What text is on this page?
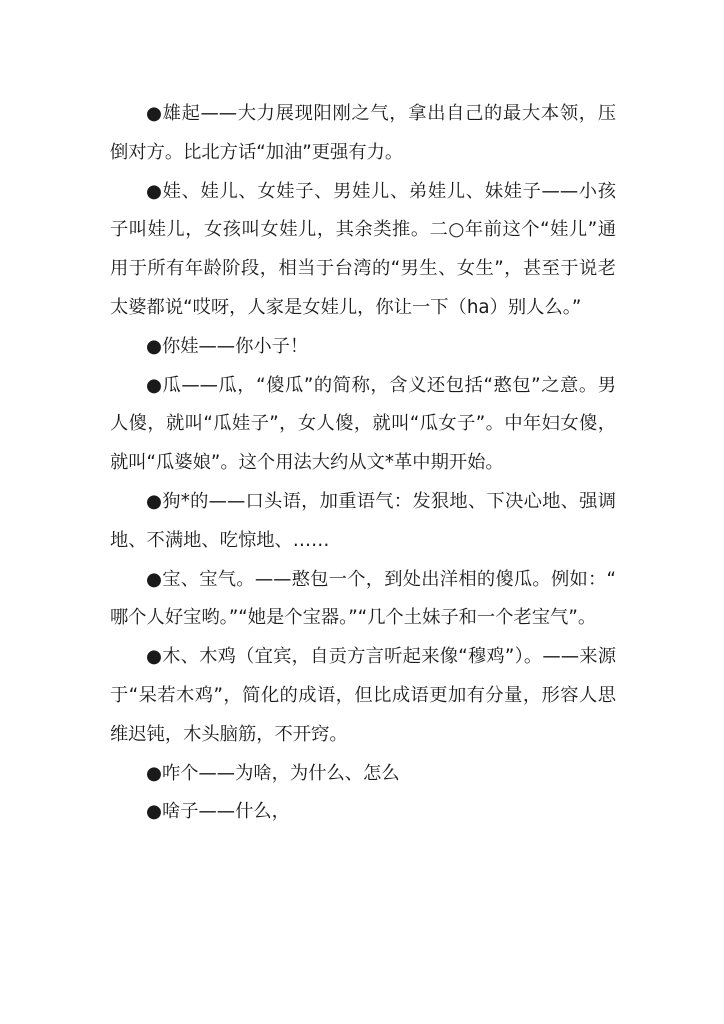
●雄起——大力展现阳刚之气，拿出自己的最大本领，压倒对方。比北方话“加油”更强有力。

●娃、娃儿、女娃子、男娃儿、弟娃儿、妹娃子——小孩子叫娃儿，女孩叫女娃儿，其余类推。二○年前这个“娃儿”通用于所有年龄阶段，相当于台湾的“男生、女生”，甚至于说老太婆都说“哎呀，人家是女娃儿，你让一下（ha）别人么。”

●你娃——你小子！

●瓜——瓜，“傻瓜”的简称，含义还包括“憨包”之意。男人傻，就叫“瓜娃子”，女人傻，就叫“瓜女子”。中年妇女傻，就叫“瓜婆娘”。这个用法大约从文*革中期开始。

●狗*的——口头语，加重语气：发狠地、下决心地、强调地、不满地、吃惊地、……

●宝、宝气。——憨包一个，到处出洋相的傻瓜。例如：“哪个人好宝哟。”“她是个宝器。”“几个土妹子和一个老宝气”。

●木、木鸡（宜宾，自贡方言听起来像“穆鸡”）。——来源于“呆若木鸡”，简化的成语，但比成语更加有分量，形容人思维迟钝，木头脑筋，不开窍。

●咋个——为啥，为什么、怎么

●啥子——什么，
